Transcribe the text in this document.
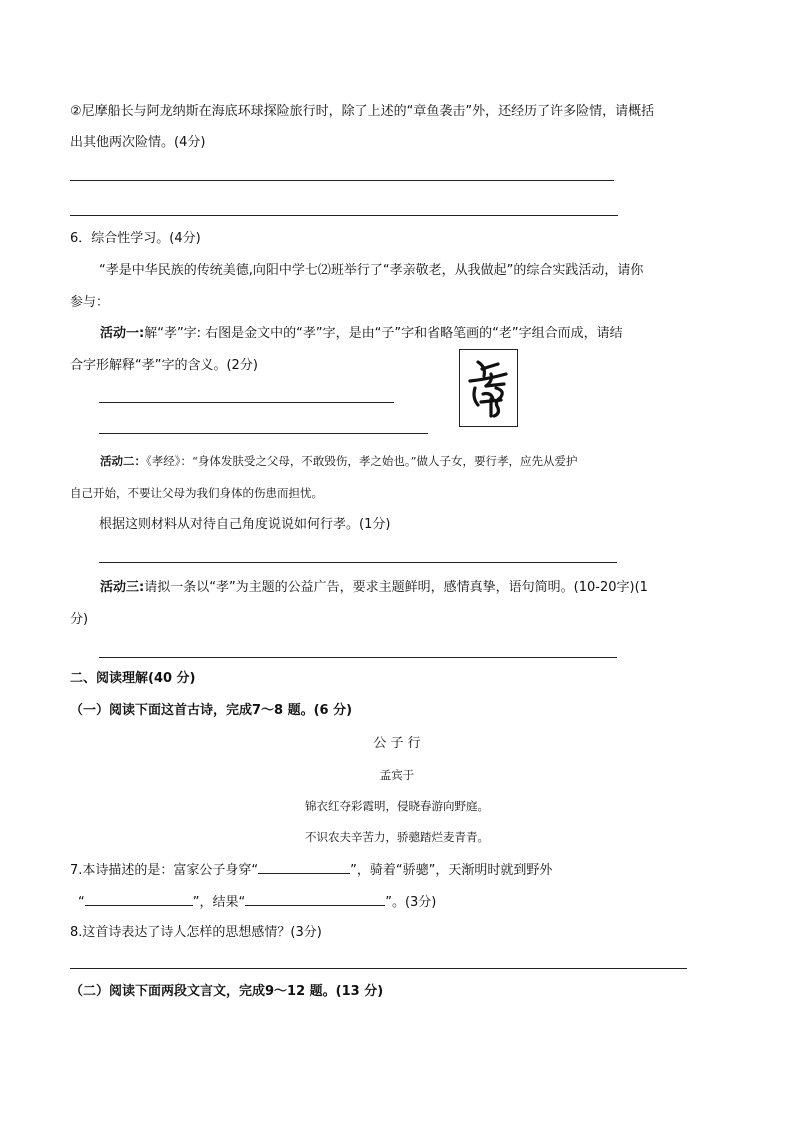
②尼摩船长与阿龙纳斯在海底环球探险旅行时，除了上述的“章鱼袭击”外，还经历了许多险情，请概括
出其他两次险情。(4分)
6．综合性学习。(4分)
“孝是中华民族的传统美德,向阳中学七⑵班举行了“孝亲敬老，从我做起”的综合实践活动，请你
参与：
活动一:解“孝”字: 右图是金文中的“孝”字，是由“子”字和省略笔画的“老”字组合而成，请结
合字形解释“孝”字的含义。(2分)
活动二：《孝经》：“身体发肤受之父母，不敢毁伤，孝之始也。”做人子女，要行孝，应先从爱护
自己开始，不要让父母为我们身体的伤患而担忧。
根据这则材料从对待自己角度说说如何行孝。(1分)
活动三:请拟一条以“孝”为主题的公益广告，要求主题鲜明，感情真挚，语句简明。(10-20字)(1
分)
二、阅读理解(40 分)
（一）阅读下面这首古诗，完成7～8 题。(6 分)
公 子 行
孟宾于
锦衣红夺彩霞明，侵晓春游向野庭。
不识农夫辛苦力，骄骢踏烂麦青青。
7.本诗描述的是：富家公子身穿“	”，骑着“骄骢”，天渐明时就到野外
“	”，结果“	”。(3分)
8.这首诗表达了诗人怎样的思想感情？(3分)
（二）阅读下面两段文言文，完成9～12 题。(13 分)
